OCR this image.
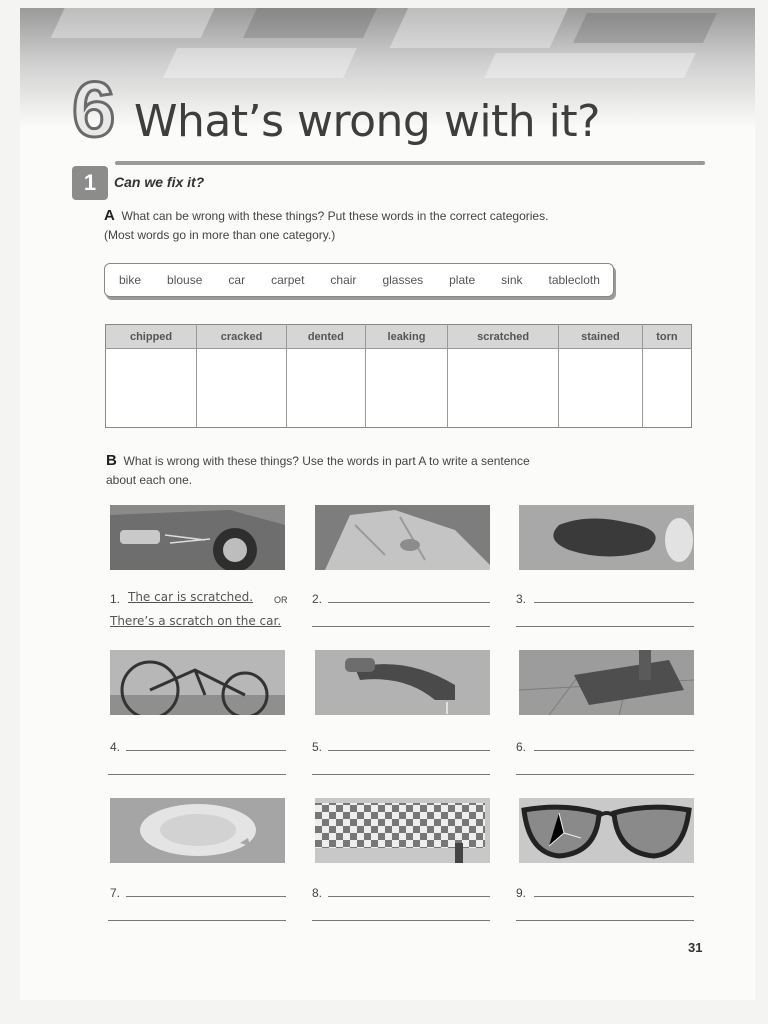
6 What’s wrong with it?
1	Can we fix it?
A What can be wrong with these things? Put these words in the correct categories.
(Most words go in more than one category.)
bike blouse car carpet chair glasses plate sink tablecloth
chipped	cracked	dented	leaking	scratched	stained	torn

B What is wrong with these things? Use the words in part A to write a sentence
about each one.
1. The car is scratched. OR
There’s a scratch on the car.
2.	3.
4.	5.	6.
7.	8.	9.
31
